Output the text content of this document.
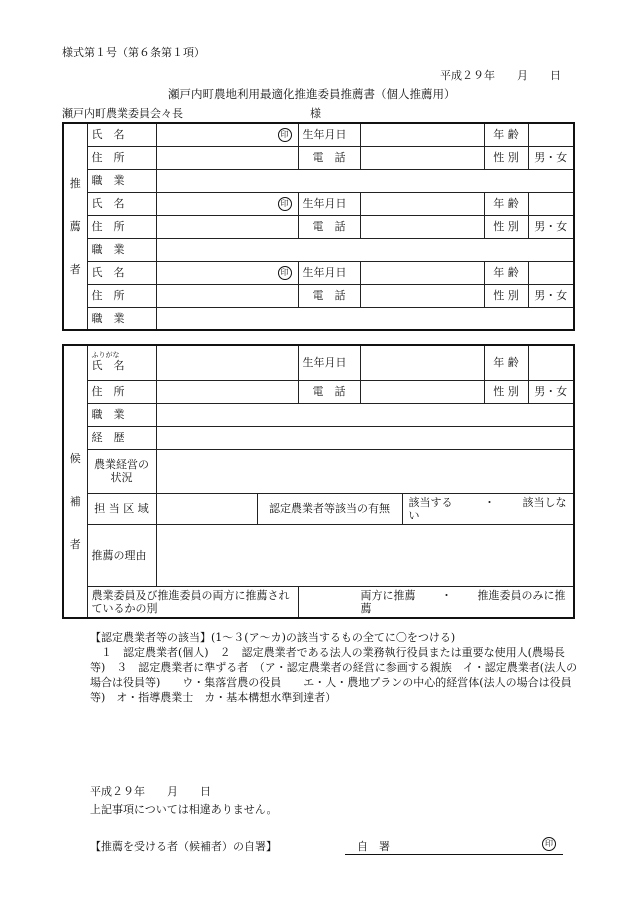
様式第１号（第６条第１項）
平成２９年　　月　　日
瀬戸内町農地利用最適化推進委員推薦書（個人推薦用）
瀬戸内町農業委員会々長	様
推
薦
者	氏　名	印	生年月日		年 齢	
	住　所		電　話		性 別	男・女
	職　業					
	氏　名	印	生年月日		年 齢	
	住　所		電　話		性 別	男・女
	職　業					
	氏　名	印	生年月日		年 齢	
	住　所		電　話		性 別	男・女
	職　業					
候
補
者	ふりがな
氏　名			生年月日			年 齢	
	住　所			電　話			性 別	男・女
	職　業							
	経　歴							
	農業経営の状況							
	担 当 区 域		認定農業者等該当の有無			該当する ・ 該当しない		
	推薦の理由							
	農業委員及び推進委員の両方に推薦されているかの別			両方に推薦 ・ 推進委員のみに推薦				

【認定農業者等の該当】(1〜３(ア〜カ)の該当するもの全てに〇をつける)

　１　認定農業者(個人)　２　認定農業者である法人の業務執行役員または重要な使用人(農場長等)　３　認定農業者に準ずる者　（ア・認定農業者の経営に参画する親族　イ・認定農業者(法人の場合は役員等)　　ウ・集落営農の役員　　エ・人・農地プランの中心的経営体(法人の場合は役員等)　オ・指導農業士　カ・基本構想水準到達者）

平成２９年　　月　　日
上記事項については相違ありません。
【推薦を受ける者（候補者）の自署】	自　署	印
